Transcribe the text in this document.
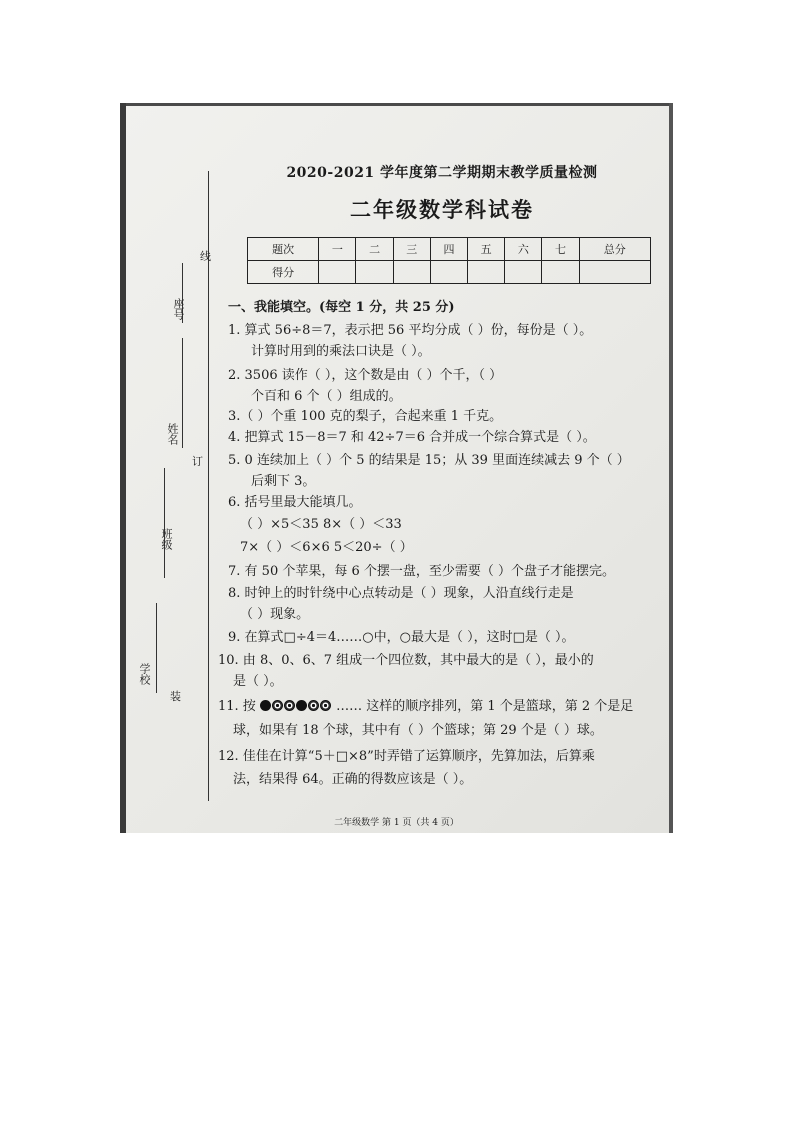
线
订
装
座号
姓名
班级
学校
2020-2021 学年度第二学期期末教学质量检测
二年级数学科试卷
题次	一	二	三	四	五	六	七	总分
得分								
一、我能填空。(每空 1 分，共 25 分)
1. 算式 56÷8＝7，表示把 56 平均分成（ ）份，每份是（ ）。
计算时用到的乘法口诀是（ ）。
2. 3506 读作（ ），这个数是由（ ）个千，（ ）
个百和 6 个（ ）组成的。
3.（ ）个重 100 克的梨子，合起来重 1 千克。
4. 把算式 15－8＝7 和 42÷7＝6 合并成一个综合算式是（ ）。
5. 0 连续加上（ ）个 5 的结果是 15；从 39 里面连续减去 9 个（ ）
后剩下 3。
6. 括号里最大能填几。
（ ）×5＜35 8×（ ）＜33
7×（ ）＜6×6 5＜20÷（ ）
7. 有 50 个苹果，每 6 个摆一盘，至少需要（ ）个盘子才能摆完。
8. 时钟上的时针绕中心点转动是（ ）现象，人沿直线行走是
（ ）现象。
9. 在算式□÷4＝4……○中，○最大是（ ），这时□是（ ）。
10. 由 8、0、6、7 组成一个四位数，其中最大的是（ ），最小的
是（ ）。
11. 按	…… 这样的顺序排列，第 1 个是篮球，第 2 个是足
球，如果有 18 个球，其中有（ ）个篮球；第 29 个是（ ）球。
12. 佳佳在计算“5＋□×8”时弄错了运算顺序，先算加法，后算乘
法，结果得 64。正确的得数应该是（ ）。
二年级数学 第 1 页（共 4 页）
